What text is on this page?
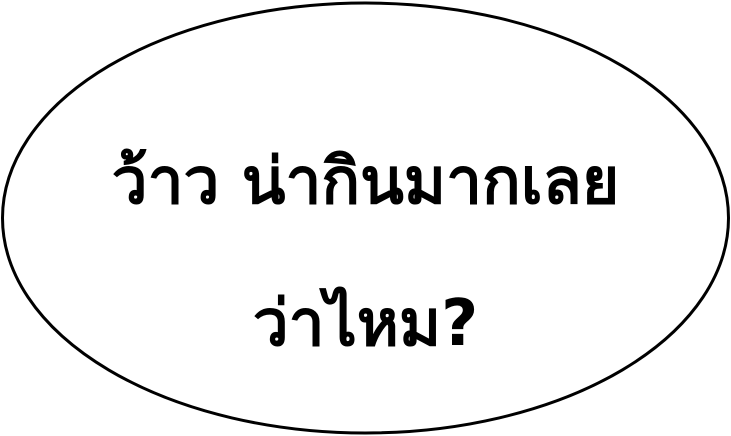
ว้าว น่ากินมากเลย
ว่าไหม?
